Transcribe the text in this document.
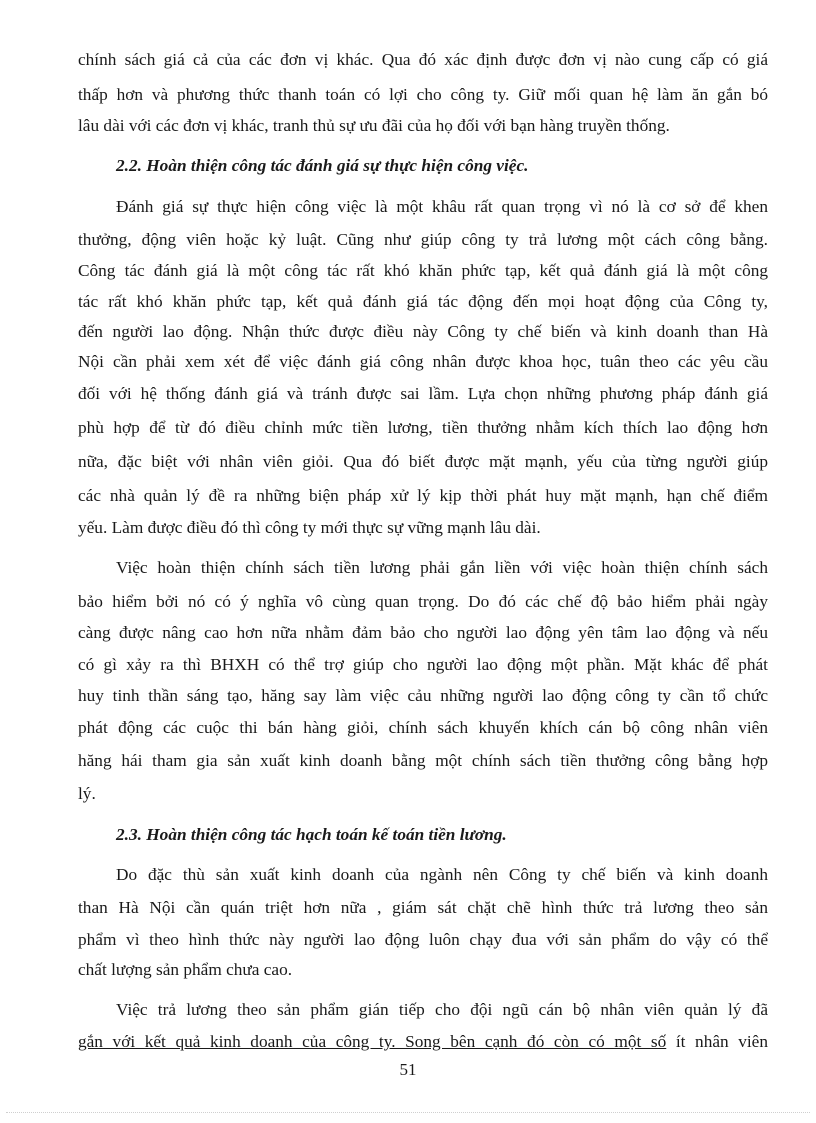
chính sách giá cả của các đơn vị khác. Qua đó xác định được đơn vị nào cung cấp có giá
thấp hơn và phương thức thanh toán có lợi cho công ty. Giữ mối quan hệ làm ăn gắn bó
lâu dài với các đơn vị khác, tranh thủ sự ưu đãi của họ đối với bạn hàng truyền thống.
2.2. Hoàn thiện công tác đánh giá sự thực hiện công việc.
Đánh giá sự thực hiện công việc là một khâu rất quan trọng vì nó là cơ sở để khen
thưởng, động viên hoặc kỷ luật. Cũng như giúp công ty trả lương một cách công bằng.
Công tác đánh giá là một công tác rất khó khăn phức tạp, kết quả đánh giá là một công
tác rất khó khăn phức tạp, kết quả đánh giá tác động đến mọi hoạt động của Công ty,
đến người lao động. Nhận thức được điều này Công ty chế biến và kinh doanh than Hà
Nội cần phải xem xét để việc đánh giá công nhân được khoa học, tuân theo các yêu cầu
đối với hệ thống đánh giá và tránh được sai lầm. Lựa chọn những phương pháp đánh giá
phù hợp để từ đó điều chỉnh mức tiền lương, tiền thưởng nhằm kích thích lao động hơn
nữa, đặc biệt với nhân viên giỏi. Qua đó biết được mặt mạnh, yếu của từng người giúp
các nhà quản lý đề ra những biện pháp xử lý kịp thời phát huy mặt mạnh, hạn chế điểm
yếu. Làm được điều đó thì công ty mới thực sự vững mạnh lâu dài.
Việc hoàn thiện chính sách tiền lương phải gắn liền với việc hoàn thiện chính sách
bảo hiểm bởi nó có ý nghĩa vô cùng quan trọng. Do đó các chế độ bảo hiểm phải ngày
càng được nâng cao hơn nữa nhằm đảm bảo cho người lao động yên tâm lao động và nếu
có gì xảy ra thì BHXH có thể trợ giúp cho người lao động một phần. Mặt khác để phát
huy tinh thần sáng tạo, hăng say làm việc cảu những người lao động công ty cần tổ chức
phát động các cuộc thi bán hàng giỏi, chính sách khuyến khích cán bộ công nhân viên
hăng hái tham gia sản xuất kinh doanh bằng một chính sách tiền thưởng công bằng hợp
lý.
2.3. Hoàn thiện công tác hạch toán kế toán tiền lương.
Do đặc thù sản xuất kinh doanh của ngành nên Công ty chế biến và kinh doanh
than Hà Nội cần quán triệt hơn nữa , giám sát chặt chẽ hình thức trả lương theo sản
phẩm vì theo hình thức này người lao động luôn chạy đua với sản phẩm do vậy có thể
chất lượng sản phẩm chưa cao.
Việc trả lương theo sản phẩm gián tiếp cho đội ngũ cán bộ nhân viên quản lý đã
gắn với kết quả kinh doanh của công ty. Song bên cạnh đó còn có một số ít nhân viên
51
